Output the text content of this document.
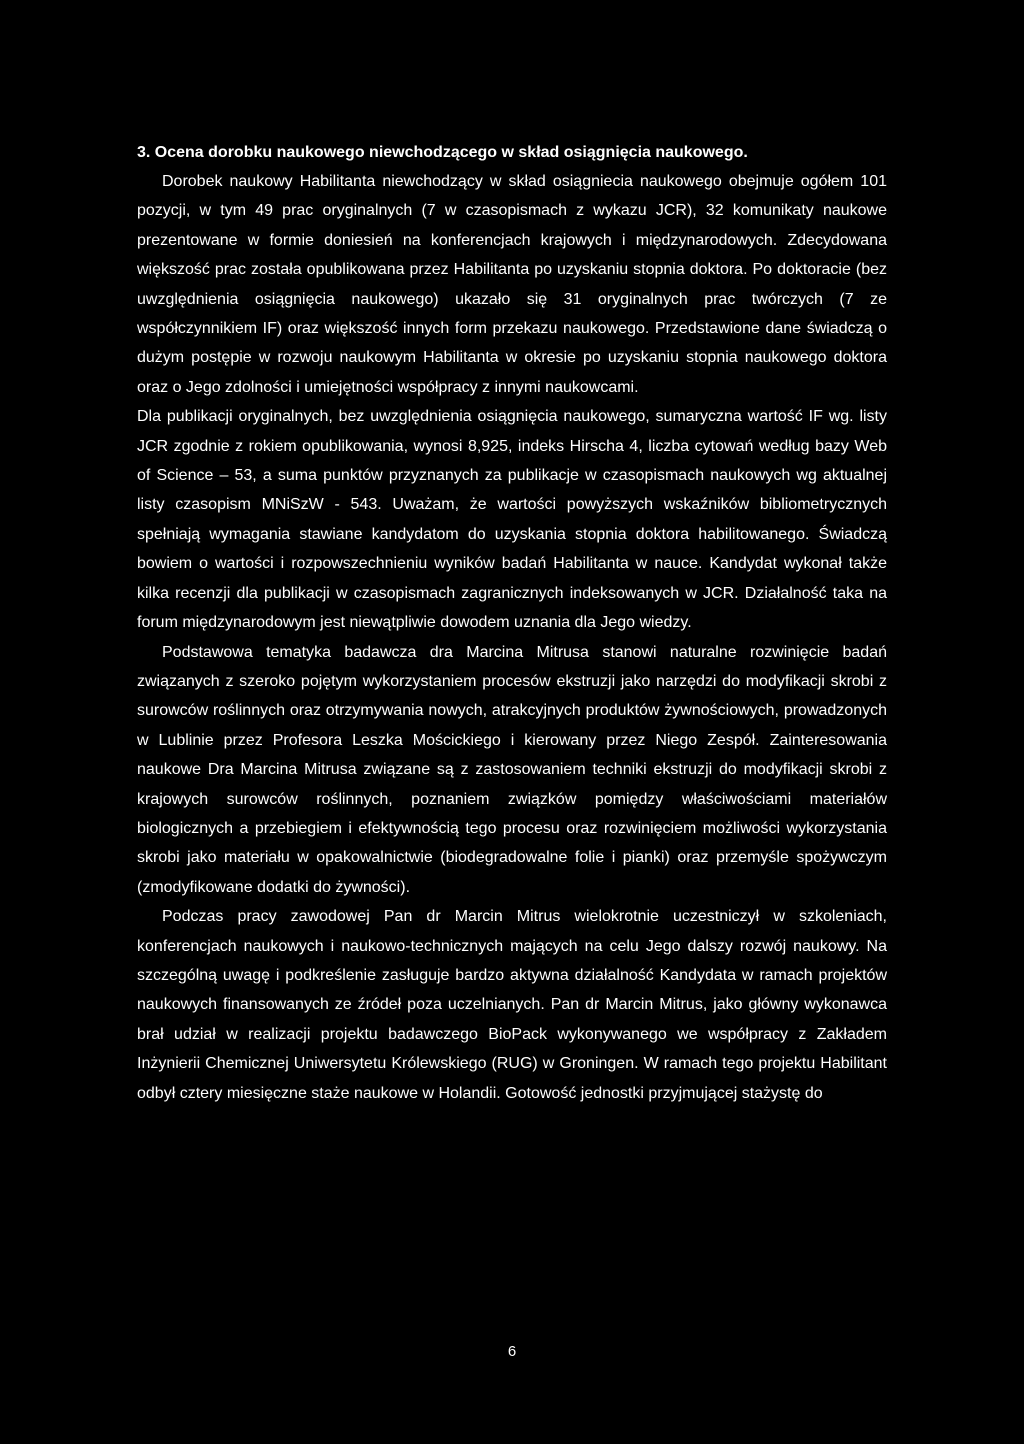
3. Ocena dorobku naukowego niewchodzącego w skład osiągnięcia naukowego.

Dorobek naukowy Habilitanta niewchodzący w skład osiągniecia naukowego obejmuje ogółem 101 pozycji, w tym 49 prac oryginalnych (7 w czasopismach z wykazu JCR), 32 komunikaty naukowe prezentowane w formie doniesień na konferencjach krajowych i międzynarodowych. Zdecydowana większość prac została opublikowana przez Habilitanta po uzyskaniu stopnia doktora. Po doktoracie (bez uwzględnienia osiągnięcia naukowego) ukazało się 31 oryginalnych prac twórczych (7 ze współczynnikiem IF) oraz większość innych form przekazu naukowego. Przedstawione dane świadczą o dużym postępie w rozwoju naukowym Habilitanta w okresie po uzyskaniu stopnia naukowego doktora oraz o Jego zdolności i umiejętności współpracy z innymi naukowcami.

Dla publikacji oryginalnych, bez uwzględnienia osiągnięcia naukowego, sumaryczna wartość IF wg. listy JCR zgodnie z rokiem opublikowania, wynosi 8,925, indeks Hirscha 4, liczba cytowań według bazy Web of Science – 53, a suma punktów przyznanych za publikacje w czasopismach naukowych wg aktualnej listy czasopism MNiSzW - 543. Uważam, że wartości powyższych wskaźników bibliometrycznych spełniają wymagania stawiane kandydatom do uzyskania stopnia doktora habilitowanego. Świadczą bowiem o wartości i rozpowszechnieniu wyników badań Habilitanta w nauce. Kandydat wykonał także kilka recenzji dla publikacji w czasopismach zagranicznych indeksowanych w JCR. Działalność taka na forum międzynarodowym jest niewątpliwie dowodem uznania dla Jego wiedzy.

Podstawowa tematyka badawcza dra Marcina Mitrusa stanowi naturalne rozwinięcie badań związanych z szeroko pojętym wykorzystaniem procesów ekstruzji jako narzędzi do modyfikacji skrobi z surowców roślinnych oraz otrzymywania nowych, atrakcyjnych produktów żywnościowych, prowadzonych w Lublinie przez Profesora Leszka Mościckiego i kierowany przez Niego Zespół. Zainteresowania naukowe Dra Marcina Mitrusa związane są z zastosowaniem techniki ekstruzji do modyfikacji skrobi z krajowych surowców roślinnych, poznaniem związków pomiędzy właściwościami materiałów biologicznych a przebiegiem i efektywnością tego procesu oraz rozwinięciem możliwości wykorzystania skrobi jako materiału w opakowalnictwie (biodegradowalne folie i pianki) oraz przemyśle spożywczym (zmodyfikowane dodatki do żywności).

Podczas pracy zawodowej Pan dr Marcin Mitrus wielokrotnie uczestniczył w szkoleniach, konferencjach naukowych i naukowo-technicznych mających na celu Jego dalszy rozwój naukowy. Na szczególną uwagę i podkreślenie zasługuje bardzo aktywna działalność Kandydata w ramach projektów naukowych finansowanych ze źródeł poza uczelnianych. Pan dr Marcin Mitrus, jako główny wykonawca brał udział w realizacji projektu badawczego BioPack wykonywanego we współpracy z Zakładem Inżynierii Chemicznej Uniwersytetu Królewskiego (RUG) w Groningen. W ramach tego projektu Habilitant odbył cztery miesięczne staże naukowe w Holandii. Gotowość jednostki przyjmującej stażystę do

6
